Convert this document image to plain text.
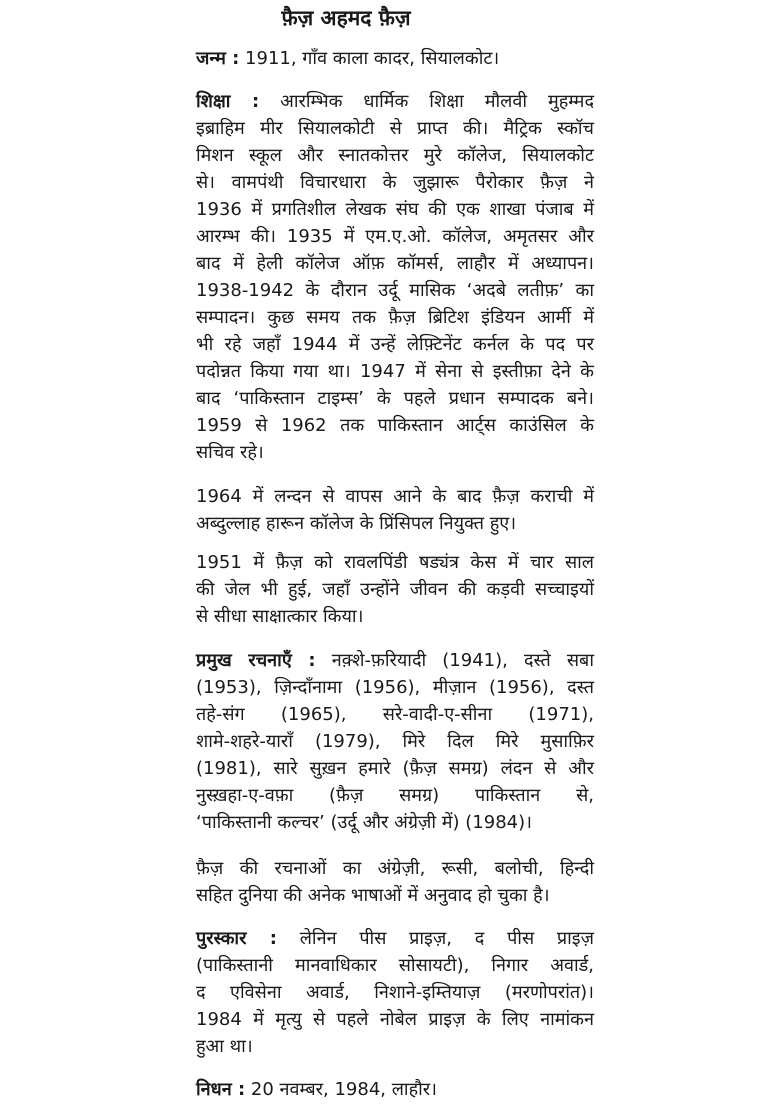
फ़ैज़ अहमद फ़ैज़
जन्म : 1911, गाँव काला कादर, सियालकोट।
शिक्षा : आरम्भिक धार्मिक शिक्षा मौलवी मुहम्मद
इब्राहिम मीर सियालकोटी से प्राप्त की। मैट्रिक स्कॉच
मिशन स्कूल और स्नातकोत्तर मुरे कॉलेज, सियालकोट
से। वामपंथी विचारधारा के जुझारू पैरोकार फ़ैज़ ने
1936 में प्रगतिशील लेखक संघ की एक शाखा पंजाब में
आरम्भ की। 1935 में एम.ए.ओ. कॉलेज, अमृतसर और
बाद में हेली कॉलेज ऑफ़ कॉमर्स, लाहौर में अध्यापन।
1938-1942 के दौरान उर्दू मासिक ‘अदबे लतीफ़’ का
सम्पादन। कुछ समय तक फ़ैज़ ब्रिटिश इंडियन आर्मी में
भी रहे जहाँ 1944 में उन्हें लेफ़्टिनेंट कर्नल के पद पर
पदोन्नत किया गया था। 1947 में सेना से इस्तीफ़ा देने के
बाद ‘पाकिस्तान टाइम्स’ के पहले प्रधान सम्पादक बने।
1959 से 1962 तक पाकिस्तान आर्ट्स काउंसिल के
सचिव रहे।
1964 में लन्दन से वापस आने के बाद फ़ैज़ कराची में
अब्दुल्लाह हारून कॉलेज के प्रिंसिपल नियुक्त हुए।
1951 में फ़ैज़ को रावलपिंडी षड्यंत्र केस में चार साल
की जेल भी हुई, जहाँ उन्होंने जीवन की कड़वी सच्चाइयों
से सीधा साक्षात्कार किया।
प्रमुख रचनाएँ : नक़्शे-फ़रियादी (1941), दस्ते सबा
(1953), ज़िन्दाँनामा (1956), मीज़ान (1956), दस्त
तहे-संग (1965), सरे-वादी-ए-सीना (1971),
शामे-शहरे-याराँ (1979), मिरे दिल मिरे मुसाफ़िर
(1981), सारे सुख़न हमारे (फ़ैज़ समग्र) लंदन से और
नुस्ख़हा-ए-वफ़ा (फ़ैज़ समग्र) पाकिस्तान से,
‘पाकिस्तानी कल्चर’ (उर्दू और अंग्रेज़ी में) (1984)।
फ़ैज़ की रचनाओं का अंग्रेज़ी, रूसी, बलोची, हिन्दी
सहित दुनिया की अनेक भाषाओं में अनुवाद हो चुका है।
पुरस्कार : लेनिन पीस प्राइज़, द पीस प्राइज़
(पाकिस्तानी मानवाधिकार सोसायटी), निगार अवार्ड,
द एविसेना अवार्ड, निशाने-इम्तियाज़ (मरणोपरांत)।
1984 में मृत्यु से पहले नोबेल प्राइज़ के लिए नामांकन
हुआ था।
निधन : 20 नवम्बर, 1984, लाहौर।
